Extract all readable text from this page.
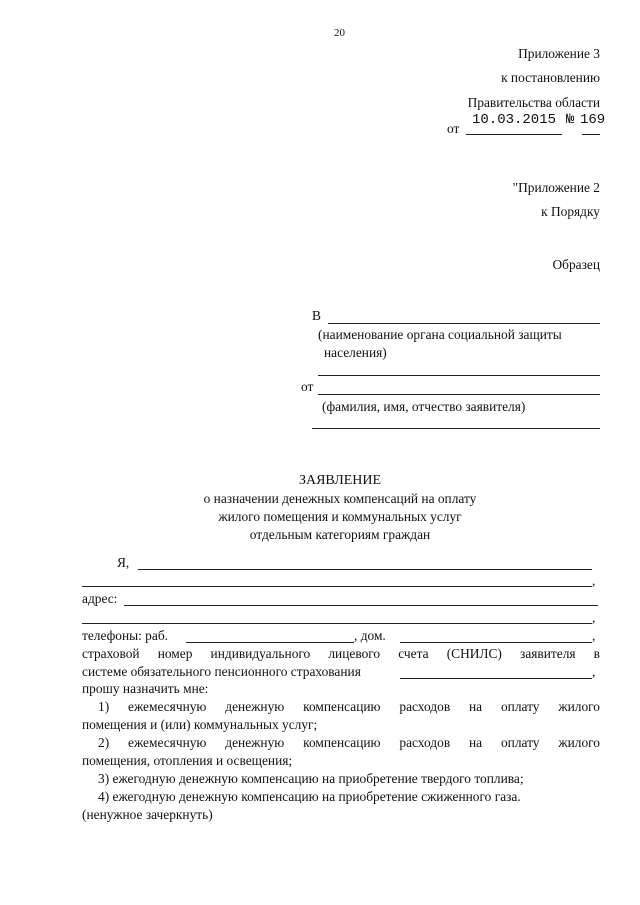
20
Приложение 3
к постановлению
Правительства области
от
10.03.2015 № 169
"Приложение 2
к Порядку
Образец
В
(наименование органа социальной защиты
населения)
от
(фамилия, имя, отчество заявителя)
ЗАЯВЛЕНИЕ
о назначении денежных компенсаций на оплату
жилого помещения и коммунальных услуг
отдельным категориям граждан
Я,
,
адрес:
,
телефоны: раб.	, дом.	,
страховой номер индивидуального лицевого счета (СНИЛС) заявителя в
системе обязательного пенсионного страхования	,
прошу назначить мне:
1) ежемесячную денежную компенсацию расходов на оплату жилого
помещения и (или) коммунальных услуг;
2) ежемесячную денежную компенсацию расходов на оплату жилого
помещения, отопления и освещения;
3) ежегодную денежную компенсацию на приобретение твердого топлива;
4) ежегодную денежную компенсацию на приобретение сжиженного газа.
(ненужное зачеркнуть)
